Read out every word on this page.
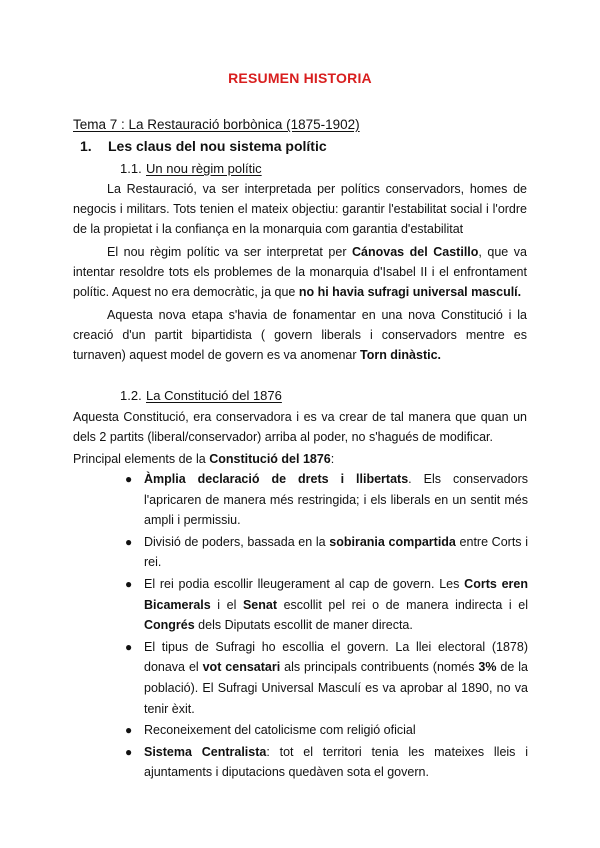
RESUMEN HISTORIA
Tema 7 : La Restauració borbònica (1875-1902)
1. Les claus del nou sistema polític
1.1. Un nou règim polític
La Restauració, va ser interpretada per polítics conservadors, homes de negocis i militars. Tots tenien el mateix objectiu: garantir l'estabilitat social i l'ordre de la propietat i la confiança en la monarquia com garantia d'estabilitat
El nou règim polític va ser interpretat per Cánovas del Castillo, que va intentar resoldre tots els problemes de la monarquia d'Isabel II i el enfrontament polític. Aquest no era democràtic, ja que no hi havia sufragi universal masculí.
Aquesta nova etapa s'havia de fonamentar en una nova Constitució i la creació d'un partit bipartidista ( govern liberals i conservadors mentre es turnaven) aquest model de govern es va anomenar Torn dinàstic.
1.2. La Constitució del 1876
Aquesta Constitució, era conservadora i es va crear de tal manera que quan un dels 2 partits (liberal/conservador) arriba al poder, no s'hagués de modificar.
Principal elements de la Constitució del 1876:
● Àmplia declaració de drets i llibertats. Els conservadors l'apricaren de manera més restringida; i els liberals en un sentit més ampli i permissiu.
● Divisió de poders, bassada en la sobirania compartida entre Corts i rei.
● El rei podia escollir lleugerament al cap de govern. Les Corts eren Bicamerals i el Senat escollit pel rei o de manera indirecta i el Congrés dels Diputats escollit de maner directa.
● El tipus de Sufragi ho escollia el govern. La llei electoral (1878) donava el vot censatari als principals contribuents (només 3% de la població). El Sufragi Universal Masculí es va aprobar al 1890, no va tenir èxit.
● Reconeixement del catolicisme com religió oficial
● Sistema Centralista: tot el territori tenia les mateixes lleis i ajuntaments i diputacions quedàven sota el govern.
